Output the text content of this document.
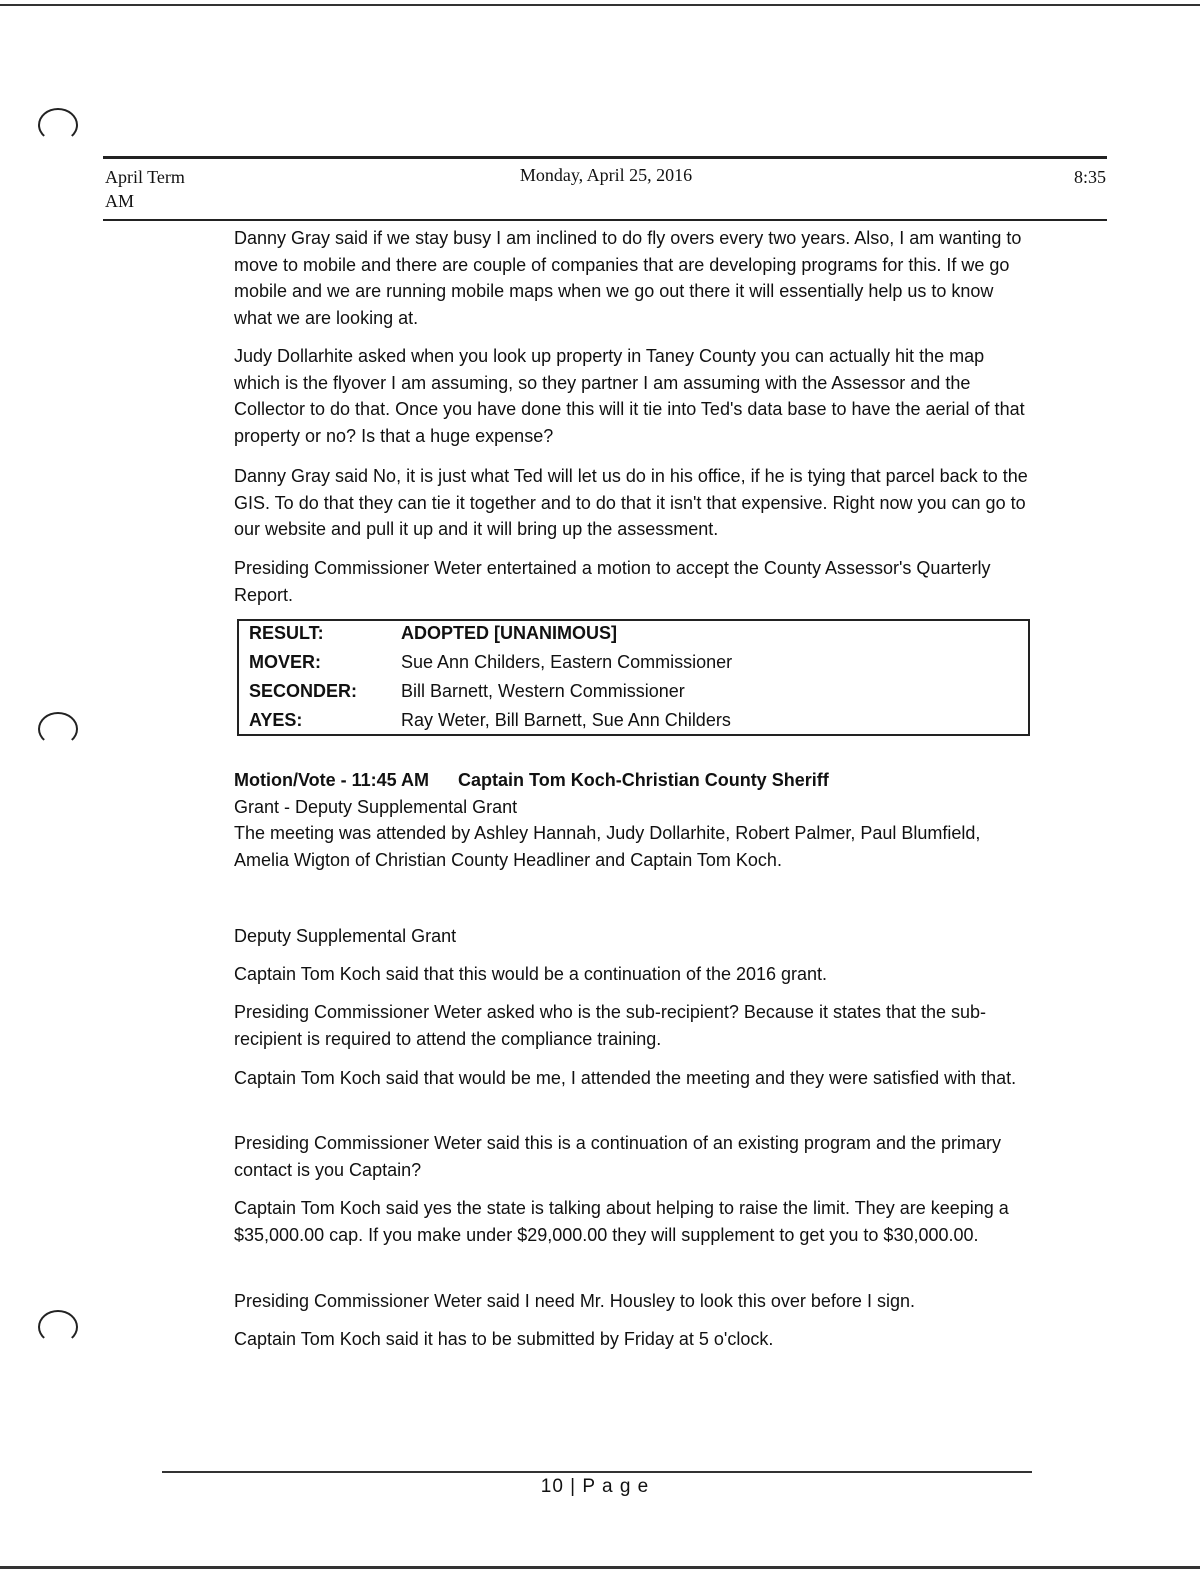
April Term
AM
Monday, April 25, 2016	8:35

Danny Gray said if we stay busy I am inclined to do fly overs every two years. Also, I am wanting to move to mobile and there are couple of companies that are developing programs for this. If we go mobile and we are running mobile maps when we go out there it will essentially help us to know what we are looking at.

Judy Dollarhite asked when you look up property in Taney County you can actually hit the map which is the flyover I am assuming, so they partner I am assuming with the Assessor and the Collector to do that. Once you have done this will it tie into Ted's data base to have the aerial of that property or no? Is that a huge expense?

Danny Gray said No, it is just what Ted will let us do in his office, if he is tying that parcel back to the GIS. To do that they can tie it together and to do that it isn't that expensive. Right now you can go to our website and pull it up and it will bring up the assessment.

Presiding Commissioner Weter entertained a motion to accept the County Assessor's Quarterly Report.

RESULT:	ADOPTED [UNANIMOUS]
MOVER:	Sue Ann Childers, Eastern Commissioner
SECONDER:	Bill Barnett, Western Commissioner
AYES:	Ray Weter, Bill Barnett, Sue Ann Childers
Motion/Vote - 11:45 AM Captain Tom Koch-Christian County Sheriff
Grant - Deputy Supplemental Grant
The meeting was attended by Ashley Hannah, Judy Dollarhite, Robert Palmer, Paul Blumfield, Amelia Wigton of Christian County Headliner and Captain Tom Koch.
Deputy Supplemental Grant

Captain Tom Koch said that this would be a continuation of the 2016 grant.

Presiding Commissioner Weter asked who is the sub-recipient? Because it states that the sub-recipient is required to attend the compliance training.

Captain Tom Koch said that would be me, I attended the meeting and they were satisfied with that.

Presiding Commissioner Weter said this is a continuation of an existing program and the primary contact is you Captain?

Captain Tom Koch said yes the state is talking about helping to raise the limit. They are keeping a $35,000.00 cap. If you make under $29,000.00 they will supplement to get you to $30,000.00.

Presiding Commissioner Weter said I need Mr. Housley to look this over before I sign.

Captain Tom Koch said it has to be submitted by Friday at 5 o'clock.

10 | P a g e
